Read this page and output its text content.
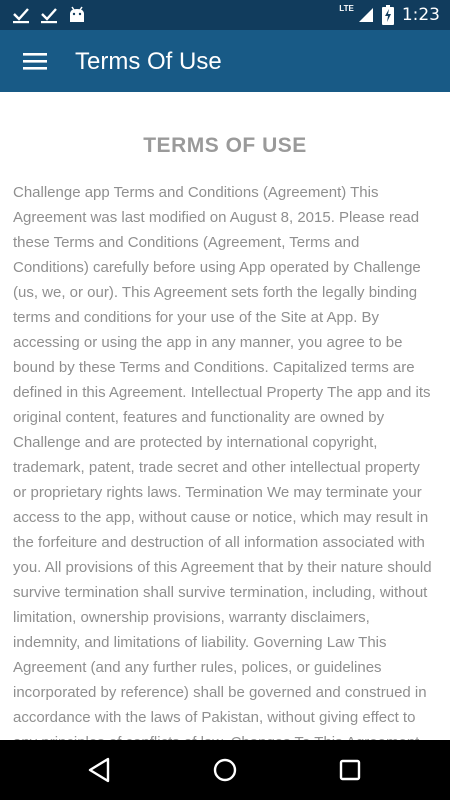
LTE	1:23
Terms Of Use
TERMS OF USE
Challenge app Terms and Conditions (Agreement) This Agreement was last modified on August 8, 2015. Please read these Terms and Conditions (Agreement, Terms and Conditions) carefully before using App operated by Challenge (us, we, or our). This Agreement sets forth the legally binding terms and conditions for your use of the Site at App. By accessing or using the app in any manner, you agree to be bound by these Terms and Conditions. Capitalized terms are defined in this Agreement. Intellectual Property The app and its original content, features and functionality are owned by Challenge and are protected by international copyright, trademark, patent, trade secret and other intellectual property or proprietary rights laws. Termination We may terminate your access to the app, without cause or notice, which may result in the forfeiture and destruction of all information associated with you. All provisions of this Agreement that by their nature should survive termination shall survive termination, including, without limitation, ownership provisions, warranty disclaimers, indemnity, and limitations of liability. Governing Law This Agreement (and any further rules, polices, or guidelines incorporated by reference) shall be governed and construed in accordance with the laws of Pakistan, without giving effect to
